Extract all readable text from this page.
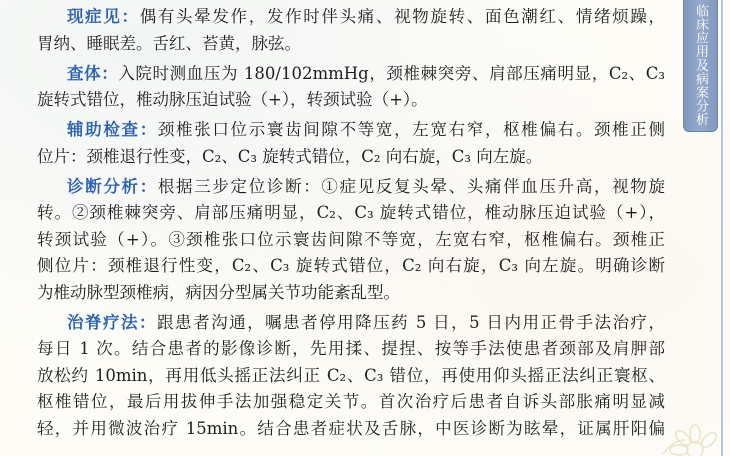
现症见：偶有头晕发作，发作时伴头痛、视物旋转、面色潮红、情绪烦躁，
胃纳、睡眠差。舌红、苔黄，脉弦。
查体：入院时测血压为 180/102mmHg，颈椎棘突旁、肩部压痛明显，C₂、C₃
旋转式错位，椎动脉压迫试验（+），转颈试验（+）。
辅助检查：颈椎张口位示寰齿间隙不等宽，左宽右窄，枢椎偏右。颈椎正侧
位片：颈椎退行性变，C₂、C₃ 旋转式错位，C₂ 向右旋，C₃ 向左旋。
诊断分析：根据三步定位诊断：①症见反复头晕、头痛伴血压升高，视物旋
转。②颈椎棘突旁、肩部压痛明显，C₂、C₃ 旋转式错位，椎动脉压迫试验（+），
转颈试验（+）。③颈椎张口位示寰齿间隙不等宽，左宽右窄，枢椎偏右。颈椎正
侧位片：颈椎退行性变，C₂、C₃ 旋转式错位，C₂ 向右旋，C₃ 向左旋。明确诊断
为椎动脉型颈椎病，病因分型属关节功能紊乱型。
治脊疗法：跟患者沟通，嘱患者停用降压药 5 日，5 日内用正骨手法治疗，
每日 1 次。结合患者的影像诊断，先用揉、提捏、按等手法使患者颈部及肩胛部
放松约 10min，再用低头摇正法纠正 C₂、C₃ 错位，再使用仰头摇正法纠正寰枢、
枢椎错位，最后用拔伸手法加强稳定关节。首次治疗后患者自诉头部胀痛明显减
轻，并用微波治疗 15min。结合患者症状及舌脉，中医诊断为眩晕，证属肝阳偏
临床应用及病案分析
